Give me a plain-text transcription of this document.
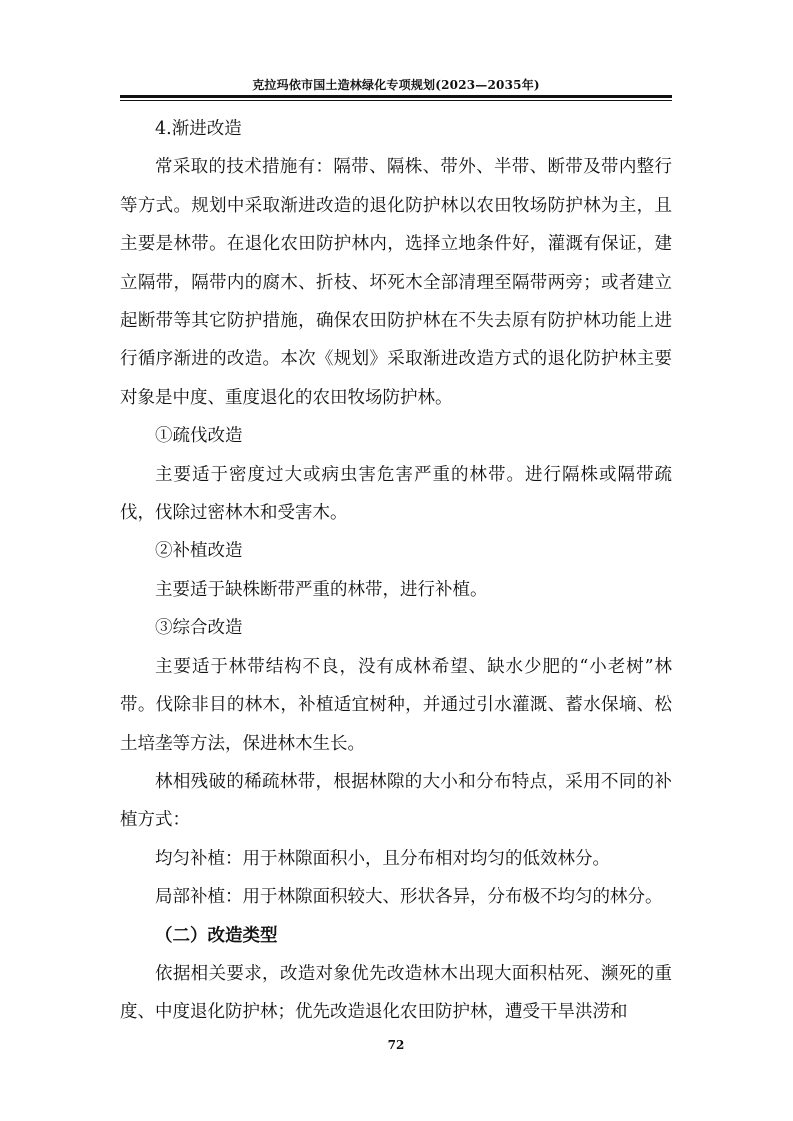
克拉玛依市国土造林绿化专项规划(2023—2035年)

4.渐进改造

常采取的技术措施有：隔带、隔株、带外、半带、断带及带内整行等方式。规划中采取渐进改造的退化防护林以农田牧场防护林为主，且主要是林带。在退化农田防护林内，选择立地条件好，灌溉有保证，建立隔带，隔带内的腐木、折枝、坏死木全部清理至隔带两旁；或者建立起断带等其它防护措施，确保农田防护林在不失去原有防护林功能上进行循序渐进的改造。本次《规划》采取渐进改造方式的退化防护林主要对象是中度、重度退化的农田牧场防护林。

①疏伐改造

主要适于密度过大或病虫害危害严重的林带。进行隔株或隔带疏伐，伐除过密林木和受害木。

②补植改造

主要适于缺株断带严重的林带，进行补植。

③综合改造

主要适于林带结构不良，没有成林希望、缺水少肥的“小老树”林带。伐除非目的林木，补植适宜树种，并通过引水灌溉、蓄水保墒、松土培垄等方法，保进林木生长。

林相残破的稀疏林带，根据林隙的大小和分布特点，采用不同的补植方式：

均匀补植：用于林隙面积小，且分布相对均匀的低效林分。

局部补植：用于林隙面积较大、形状各异，分布极不均匀的林分。

（二）改造类型

依据相关要求，改造对象优先改造林木出现大面积枯死、濒死的重度、中度退化防护林；优先改造退化农田防护林，遭受干旱洪涝和

72
